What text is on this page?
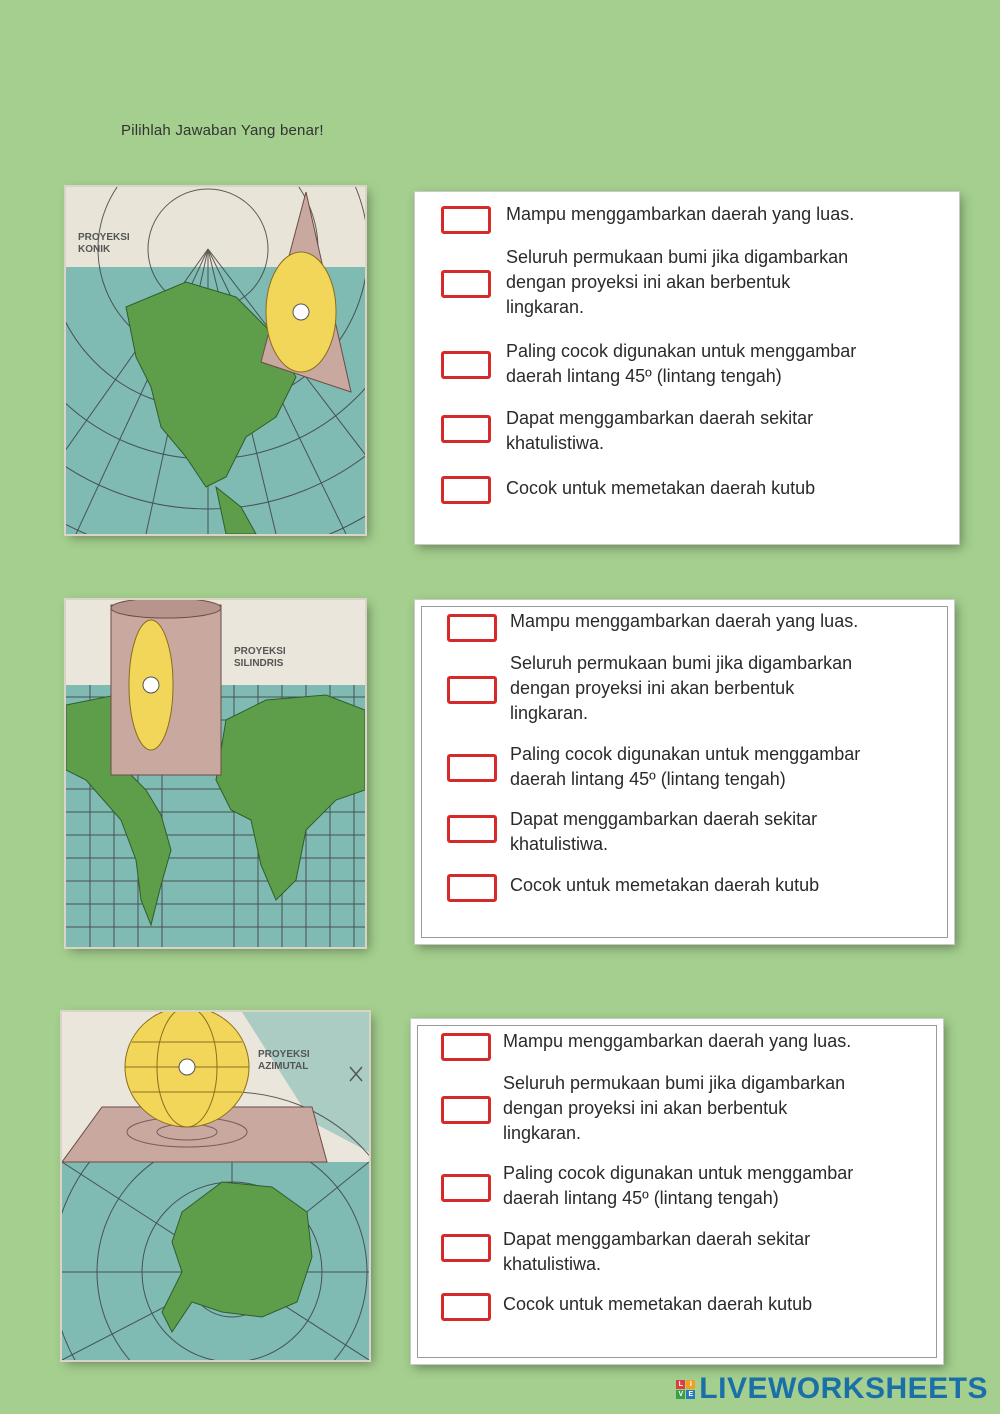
Pilihlah Jawaban Yang benar!
PROYEKSI
KONIK
Mampu menggambarkan daerah yang luas.
Seluruh permukaan bumi jika digambarkan
dengan proyeksi ini akan berbentuk
lingkaran.
Paling cocok digunakan untuk menggambar
daerah lintang 45º (lintang tengah)
Dapat menggambarkan daerah sekitar
khatulistiwa.
Cocok untuk memetakan daerah kutub
PROYEKSI
SILINDRIS
Mampu menggambarkan daerah yang luas.
Seluruh permukaan bumi jika digambarkan
dengan proyeksi ini akan berbentuk
lingkaran.
Paling cocok digunakan untuk menggambar
daerah lintang 45º (lintang tengah)
Dapat menggambarkan daerah sekitar
khatulistiwa.
Cocok untuk memetakan daerah kutub
PROYEKSI
AZIMUTAL
Mampu menggambarkan daerah yang luas.
Seluruh permukaan bumi jika digambarkan
dengan proyeksi ini akan berbentuk
lingkaran.
Paling cocok digunakan untuk menggambar
daerah lintang 45º (lintang tengah)
Dapat menggambarkan daerah sekitar
khatulistiwa.
Cocok untuk memetakan daerah kutub
L I
V E LIVEWORKSHEETS
